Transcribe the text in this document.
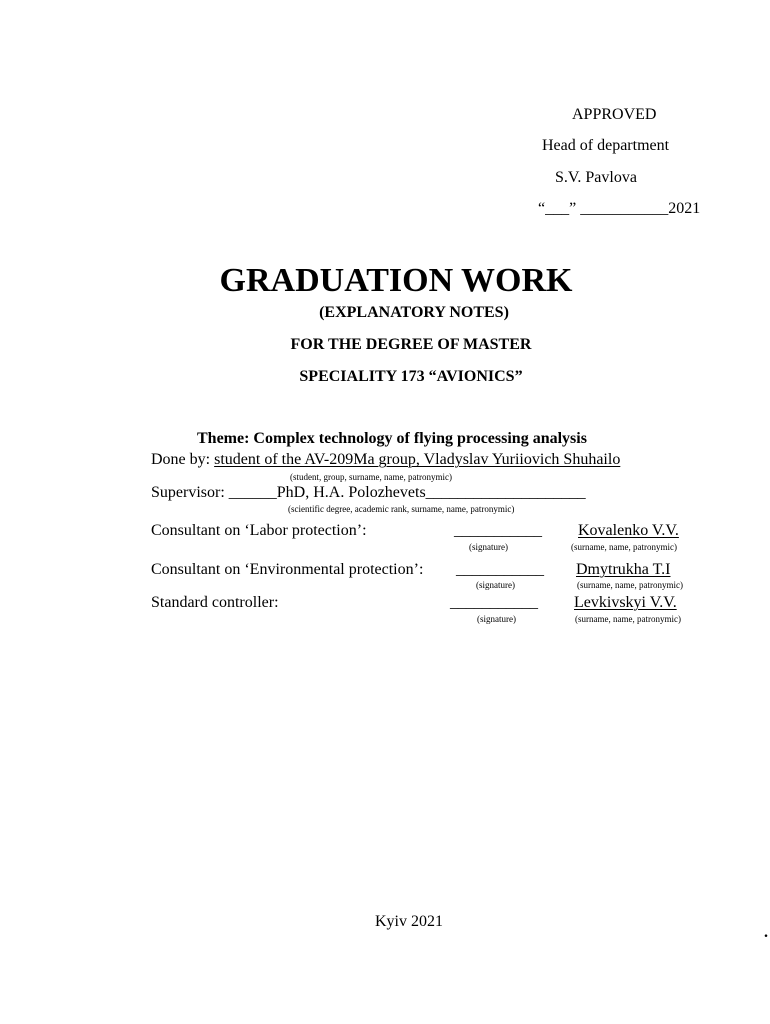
APPROVED
Head of department
S.V. Pavlova
“___” ___________2021
GRADUATION WORK
(EXPLANATORY NOTES)
FOR THE DEGREE OF MASTER
SPECIALITY 173 “AVIONICS”
Theme: Complex technology of flying processing analysis
Done by: student of the AV-209Ma group, Vladyslav Yuriiovich Shuhailo
(student, group, surname, name, patronymic)
Supervisor: ______PhD, H.A. Polozhevets____________________
(scientific degree, academic rank, surname, name, patronymic)
Consultant on ‘Labor protection’:	___________
(signature)
Kovalenko V.V.
(surname, name, patronymic)
Consultant on ‘Environmental protection’: ___________
(signature)
Dmytrukha T.I
(surname, name, patronymic)
Standard controller:	___________
(signature)
Levkivskyi V.V.
(surname, name, patronymic)
Kyiv 2021
.
